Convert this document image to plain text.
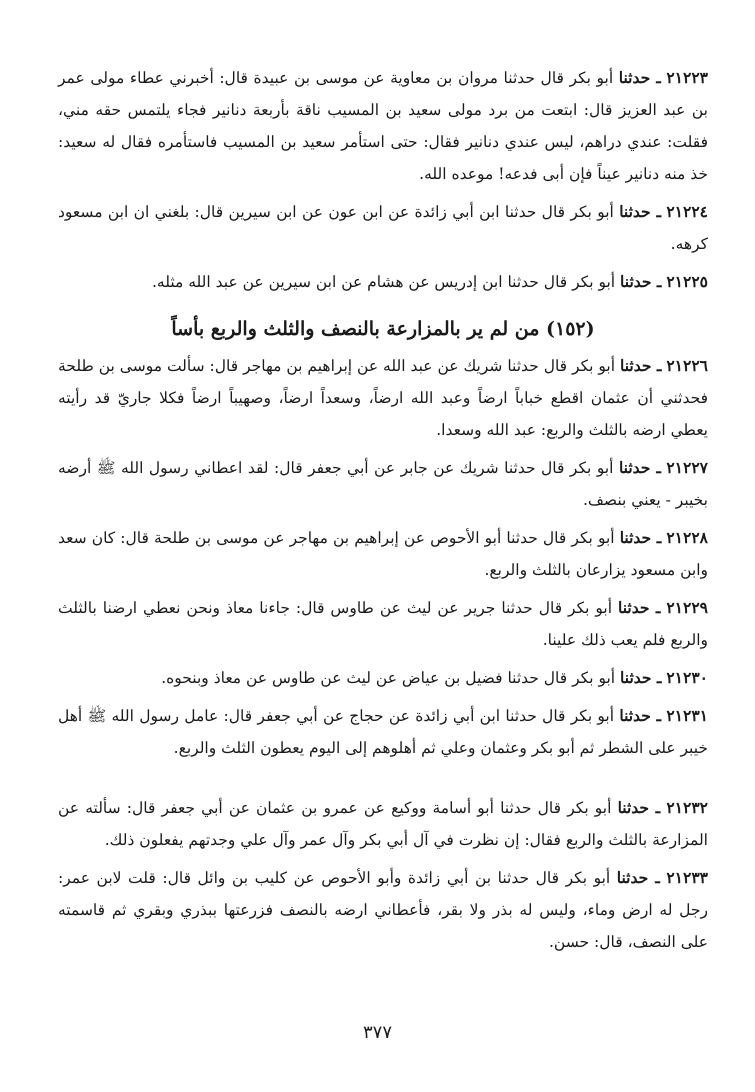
٢١٢٢٣ ـ حدثنا أبو بكر قال حدثنا مروان بن معاوية عن موسى بن عبيدة قال: أخبرني عطاء مولى عمر بن عبد العزيز قال: ابتعت من برد مولى سعيد بن المسيب ناقة بأربعة دنانير فجاء يلتمس حقه مني، فقلت: عندي دراهم، ليس عندي دنانير فقال: حتى استأمر سعيد بن المسيب فاستأمره فقال له سعيد: خذ منه دنانير عيناً فإن أبى فدعه! موعده الله.

٢١٢٢٤ ـ حدثنا أبو بكر قال حدثنا ابن أبي زائدة عن ابن عون عن ابن سيرين قال: بلغني ان ابن مسعود كرهه.

٢١٢٢٥ ـ حدثنا أبو بكر قال حدثنا ابن إدريس عن هشام عن ابن سيرين عن عبد الله مثله.

(١٥٢) من لم ير بالمزارعة بالنصف والثلث والربع بأساً

٢١٢٢٦ ـ حدثنا أبو بكر قال حدثنا شريك عن عبد الله عن إبراهيم بن مهاجر قال: سألت موسى بن طلحة فحدثني أن عثمان اقطع خباباً ارضاً وعبد الله ارضاً، وسعداً ارضاً، وصهيباً ارضاً فكلا جاريّ قد رأيته يعطي ارضه بالثلث والربع: عبد الله وسعدا.

٢١٢٢٧ ـ حدثنا أبو بكر قال حدثنا شريك عن جابر عن أبي جعفر قال: لقد اعطاني رسول الله ﷺ أرضه بخيبر - يعني بنصف.

٢١٢٢٨ ـ حدثنا أبو بكر قال حدثنا أبو الأحوص عن إبراهيم بن مهاجر عن موسى بن طلحة قال: كان سعد وابن مسعود يزارعان بالثلث والربع.

٢١٢٢٩ ـ حدثنا أبو بكر قال حدثنا جرير عن ليث عن طاوس قال: جاءنا معاذ ونحن نعطي ارضنا بالثلث والربع فلم يعب ذلك علينا.

٢١٢٣٠ ـ حدثنا أبو بكر قال حدثنا فضيل بن عياض عن ليث عن طاوس عن معاذ وبنحوه.

٢١٢٣١ ـ حدثنا أبو بكر قال حدثنا ابن أبي زائدة عن حجاج عن أبي جعفر قال: عامل رسول الله ﷺ أهل خيبر على الشطر ثم أبو بكر وعثمان وعلي ثم أهلوهم إلى اليوم يعطون الثلث والربع.

٢١٢٣٢ ـ حدثنا أبو بكر قال حدثنا أبو أسامة ووكيع عن عمرو بن عثمان عن أبي جعفر قال: سألته عن المزارعة بالثلث والربع فقال: إن نظرت في آل أبي بكر وآل عمر وآل علي وجدتهم يفعلون ذلك.

٢١٢٣٣ ـ حدثنا أبو بكر قال حدثنا بن أبي زائدة وأبو الأحوص عن كليب بن وائل قال: قلت لابن عمر: رجل له ارض وماء، وليس له بذر ولا بقر، فأعطاني ارضه بالنصف فزرعتها ببذري وبقري ثم قاسمته على النصف، قال: حسن.

٣٧٧
